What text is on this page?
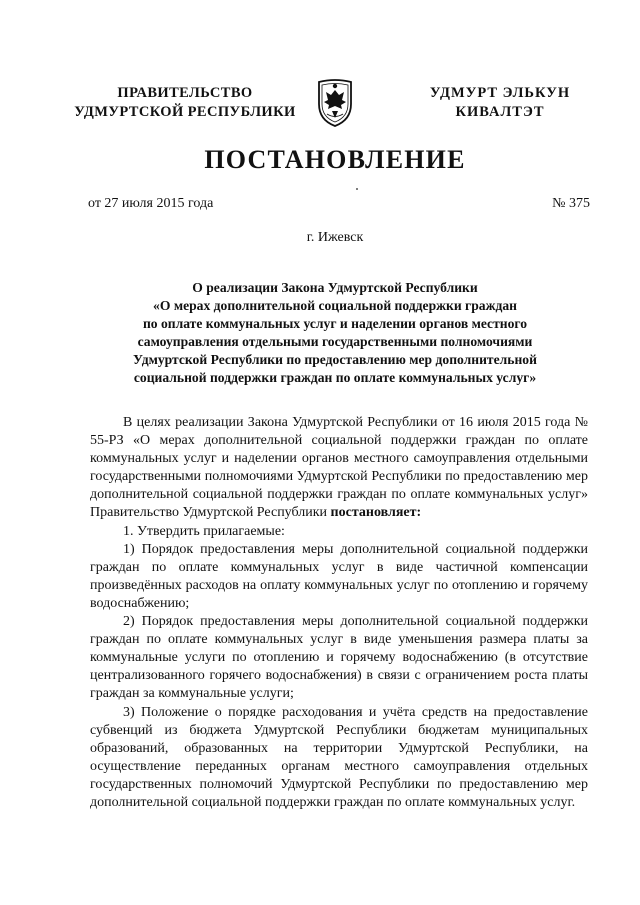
ПРАВИТЕЛЬСТВО
УДМУРТСКОЙ РЕСПУБЛИКИ
УДМУРТ ЭЛЬКУН
КИВАЛТЭТ
ПОСТАНОВЛЕНИЕ
от 27 июля 2015 года	№ 375
г. Ижевск
О реализации Закона Удмуртской Республики
«О мерах дополнительной социальной поддержки граждан
по оплате коммунальных услуг и наделении органов местного
самоуправления отдельными государственными полномочиями
Удмуртской Республики по предоставлению мер дополнительной
социальной поддержки граждан по оплате коммунальных услуг»

В целях реализации Закона Удмуртской Республики от 16 июля 2015 года № 55-РЗ «О мерах дополнительной социальной поддержки граждан по оплате коммунальных услуг и наделении органов местного самоуправления отдельными государственными полномочиями Удмуртской Республики по предоставлению мер дополнительной социальной поддержки граждан по оплате коммунальных услуг» Правительство Удмуртской Республики постановляет:

1. Утвердить прилагаемые:

1) Порядок предоставления меры дополнительной социальной поддержки граждан по оплате коммунальных услуг в виде частичной компенсации произведённых расходов на оплату коммунальных услуг по отоплению и горячему водоснабжению;

2) Порядок предоставления меры дополнительной социальной поддержки граждан по оплате коммунальных услуг в виде уменьшения размера платы за коммунальные услуги по отоплению и горячему водоснабжению (в отсутствие централизованного горячего водоснабжения) в связи с ограничением роста платы граждан за коммунальные услуги;

3) Положение о порядке расходования и учёта средств на предоставление субвенций из бюджета Удмуртской Республики бюджетам муниципальных образований, образованных на территории Удмуртской Республики, на осуществление переданных органам местного самоуправления отдельных государственных полномочий Удмуртской Республики по предоставлению мер дополнительной социальной поддержки граждан по оплате коммунальных услуг.
